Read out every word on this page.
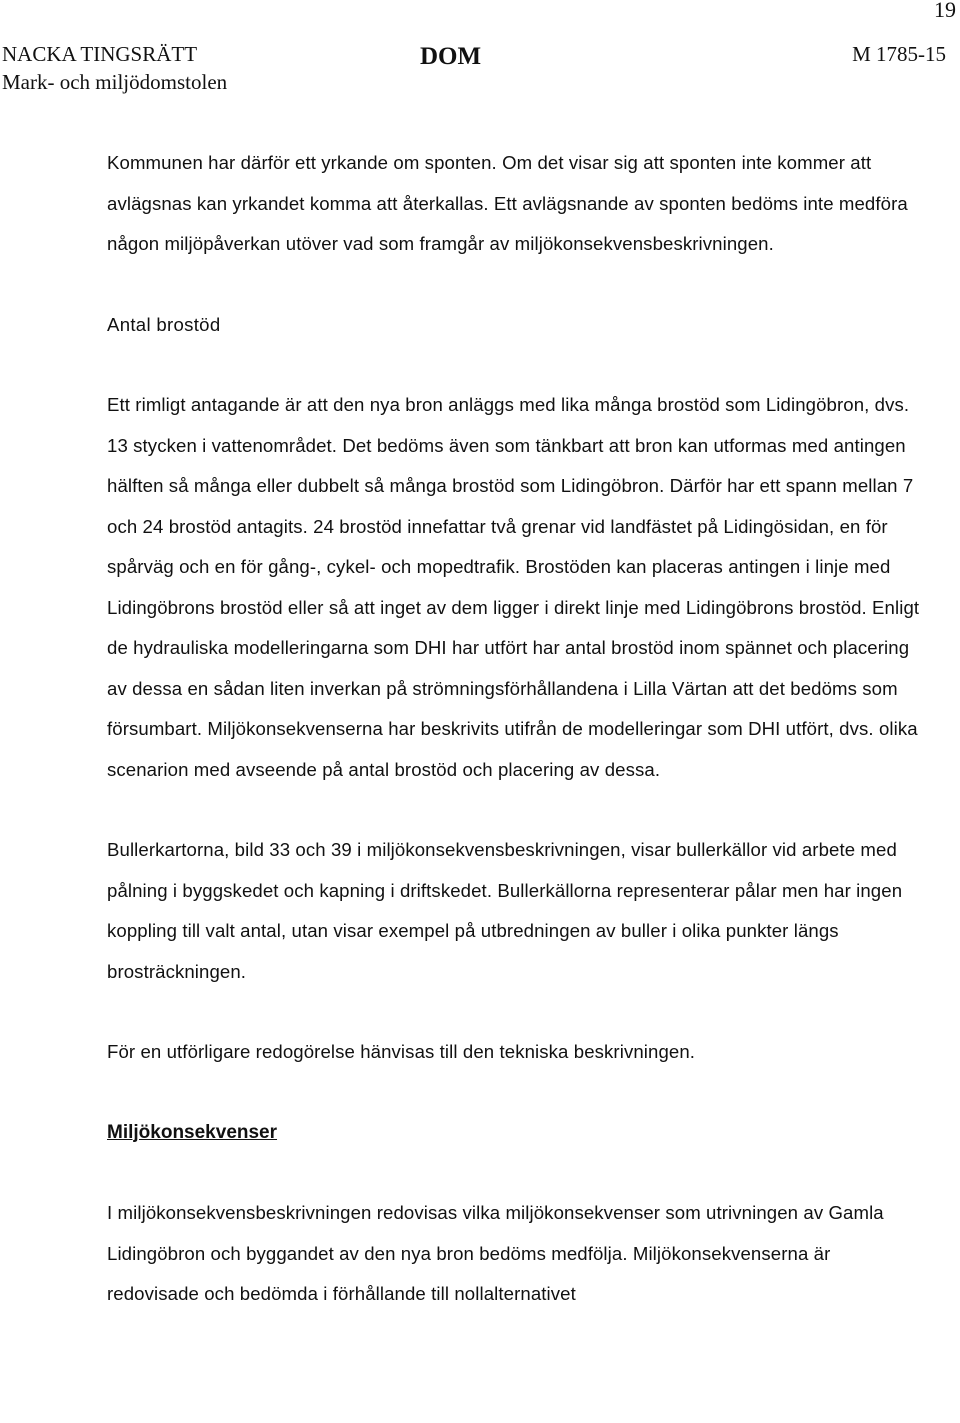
19
NACKA TINGSRÄTT
Mark- och miljödomstolen
DOM	M 1785-15

Kommunen har därför ett yrkande om sponten. Om det visar sig att sponten inte kommer att avlägsnas kan yrkandet komma att återkallas. Ett avlägsnande av sponten bedöms inte medföra någon miljöpåverkan utöver vad som framgår av miljökonsekvensbeskrivningen.

Antal brostöd

Ett rimligt antagande är att den nya bron anläggs med lika många brostöd som Lidingöbron, dvs. 13 stycken i vattenområdet. Det bedöms även som tänkbart att bron kan utformas med antingen hälften så många eller dubbelt så många brostöd som Lidingöbron. Därför har ett spann mellan 7 och 24 brostöd antagits. 24 brostöd innefattar två grenar vid landfästet på Lidingösidan, en för spårväg och en för gång-, cykel- och mopedtrafik. Brostöden kan placeras antingen i linje med Lidingöbrons brostöd eller så att inget av dem ligger i direkt linje med Lidingöbrons brostöd. Enligt de hydrauliska modelleringarna som DHI har utfört har antal brostöd inom spännet och placering av dessa en sådan liten inverkan på strömningsförhållandena i Lilla Värtan att det bedöms som försumbart. Miljökonsekvenserna har beskrivits utifrån de modelleringar som DHI utfört, dvs. olika scenarion med avseende på antal brostöd och placering av dessa.

Bullerkartorna, bild 33 och 39 i miljökonsekvensbeskrivningen, visar bullerkällor vid arbete med pålning i byggskedet och kapning i driftskedet. Bullerkällorna representerar pålar men har ingen koppling till valt antal, utan visar exempel på utbredningen av buller i olika punkter längs brosträckningen.

För en utförligare redogörelse hänvisas till den tekniska beskrivningen.

Miljökonsekvenser

I miljökonsekvensbeskrivningen redovisas vilka miljökonsekvenser som utrivningen av Gamla Lidingöbron och byggandet av den nya bron bedöms medfölja. Miljökonsekvenserna är redovisade och bedömda i förhållande till nollalternativet
